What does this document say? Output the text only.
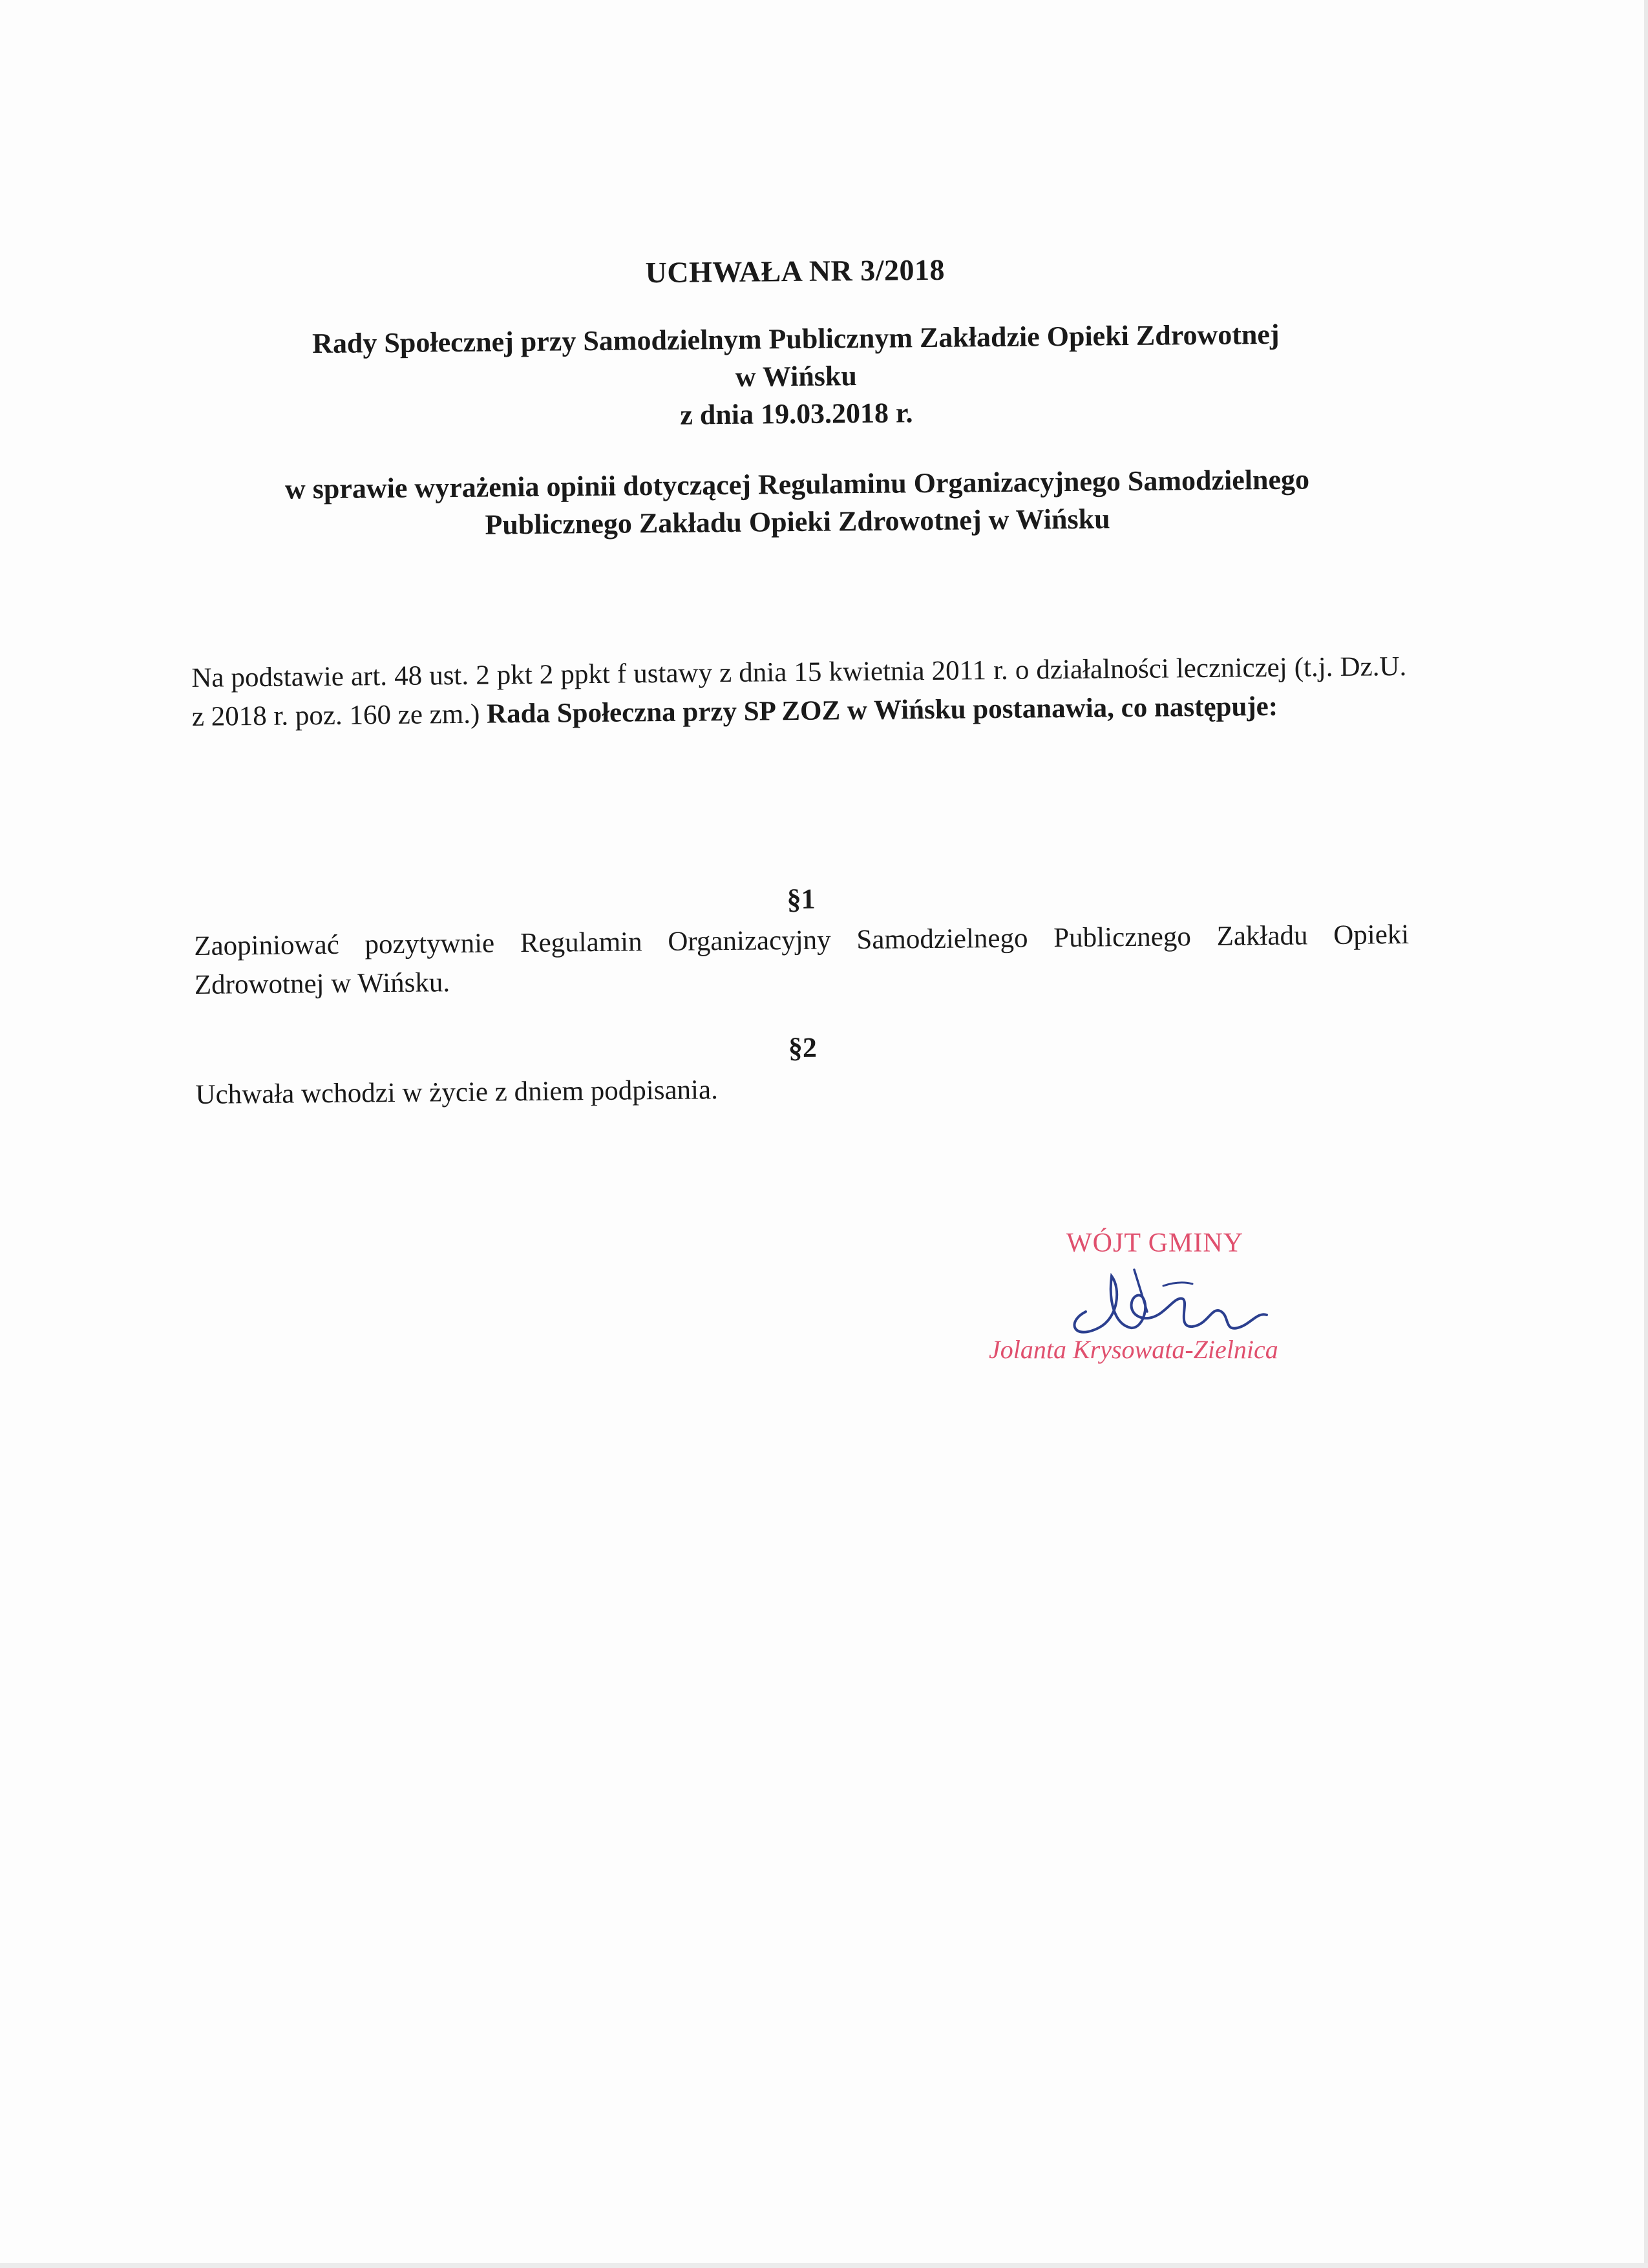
UCHWAŁA NR 3/2018
Rady Społecznej przy Samodzielnym Publicznym Zakładzie Opieki Zdrowotnej
w Wińsku
z dnia 19.03.2018 r.
w sprawie wyrażenia opinii dotyczącej Regulaminu Organizacyjnego Samodzielnego
Publicznego Zakładu Opieki Zdrowotnej w Wińsku
Na podstawie art. 48 ust. 2 pkt 2 ppkt f ustawy z dnia 15 kwietnia 2011 r. o działalności leczniczej (t.j. Dz.U. z 2018 r. poz. 160 ze zm.) Rada Społeczna przy SP ZOZ w Wińsku postanawia, co następuje:
§1
Zaopiniować pozytywnie Regulamin Organizacyjny Samodzielnego Publicznego Zakładu Opieki Zdrowotnej w Wińsku.
§2
Uchwała wchodzi w życie z dniem podpisania.
WÓJT GMINY
Jolanta Krysowata-Zielnica
